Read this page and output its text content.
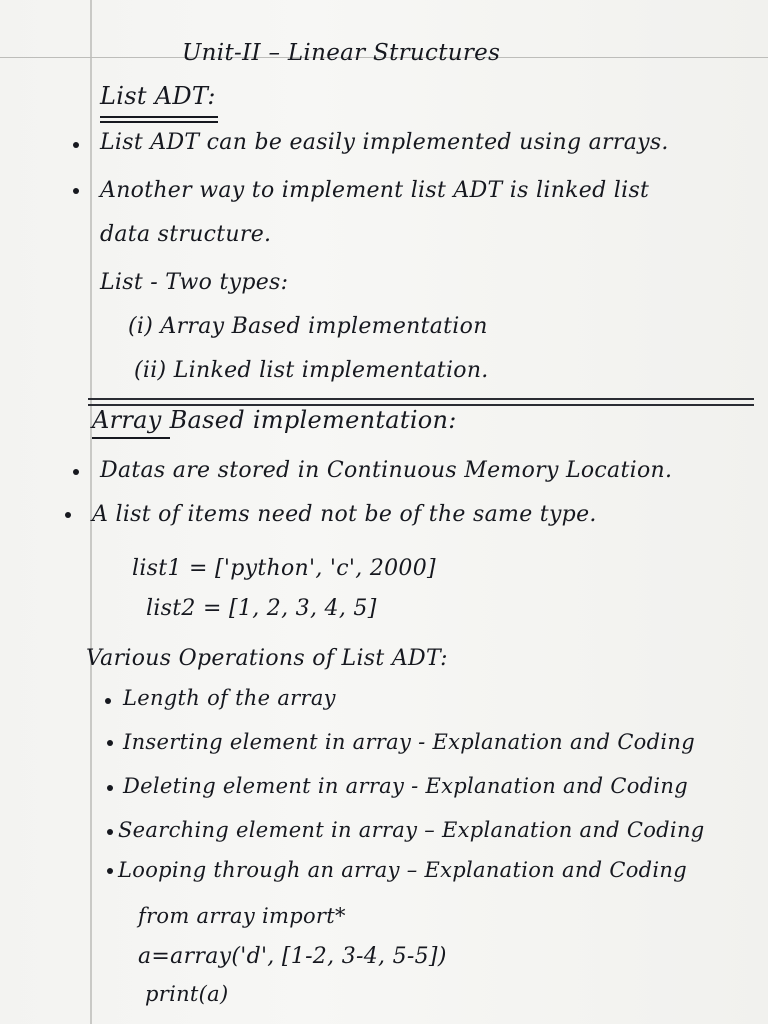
Unit-II – Linear Structures
List ADT:
List ADT can be easily implemented using arrays.
Another way to implement list ADT is linked list
data structure.
List - Two types:
(i) Array Based implementation
(ii) Linked list implementation.
Array Based implementation:
Datas are stored in Continuous Memory Location.
A list of items need not be of the same type.
list1 = ['python', 'c', 2000]
list2 = [1, 2, 3, 4, 5]
Various Operations of List ADT:
Length of the array
Inserting element in array - Explanation and Coding
Deleting element in array - Explanation and Coding
Searching element in array – Explanation and Coding
Looping through an array – Explanation and Coding
from array import*
a=array('d', [1-2, 3-4, 5-5])
print(a)
